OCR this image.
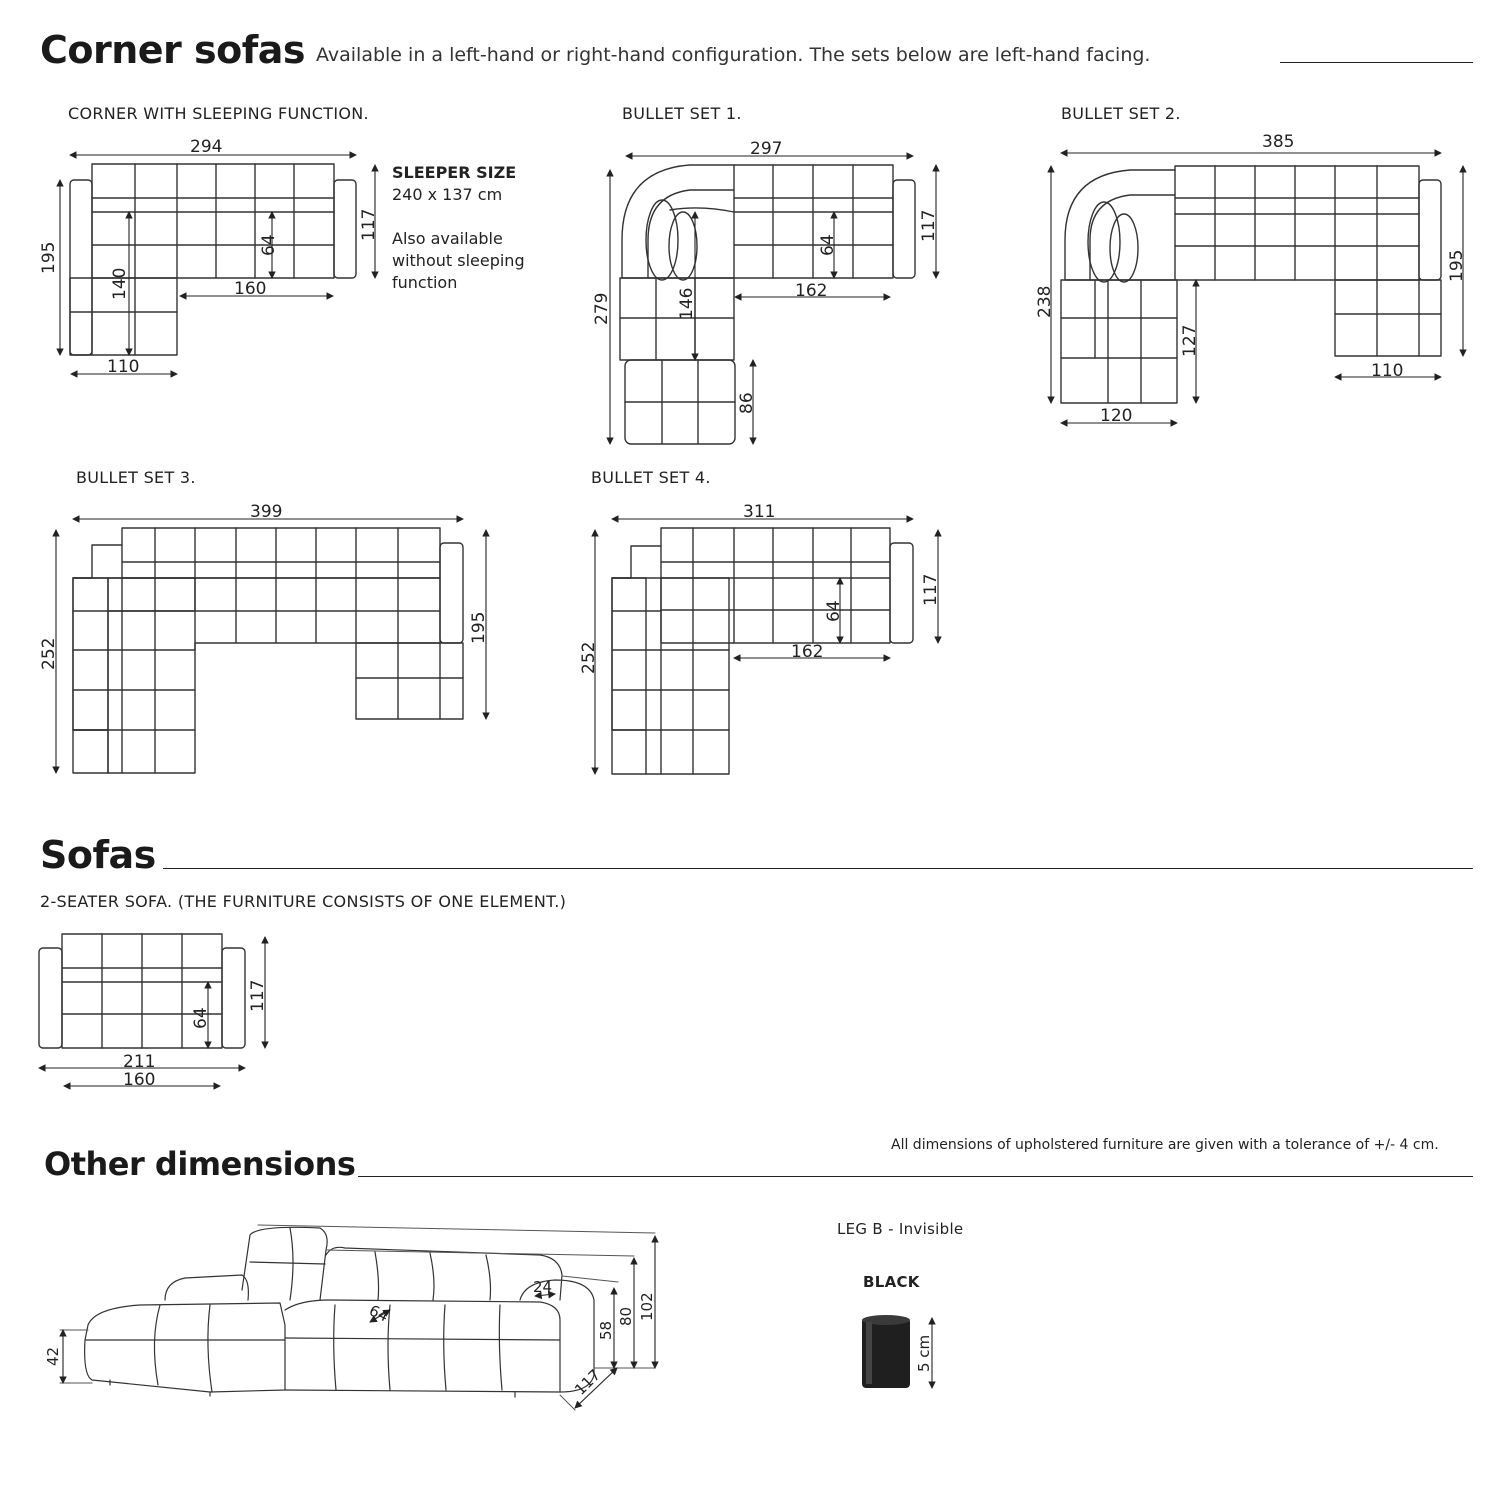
Corner sofas Available in a left-hand or right-hand configuration. The sets below are left-hand facing.
CORNER WITH SLEEPING FUNCTION.	BULLET SET 1.	BULLET SET 2.
BULLET SET 3.	BULLET SET 4.
SLEEPER SIZE
240 x 137 cm
Also available
without sleeping
function
Sofas
2-SEATER SOFA. (THE FURNITURE CONSISTS OF ONE ELEMENT.)
Other dimensions	All dimensions of upholstered furniture are given with a tolerance of +/- 4 cm.
LEG B - Invisible
BLACK
294
195
140	160
110
117
64
297
279	146	162
117
64
86
385
238
195
127
120
110
399
252
195
311
252
117
64
162
211
160
117
64
42
58
80 102
117
64
24
5 cm
